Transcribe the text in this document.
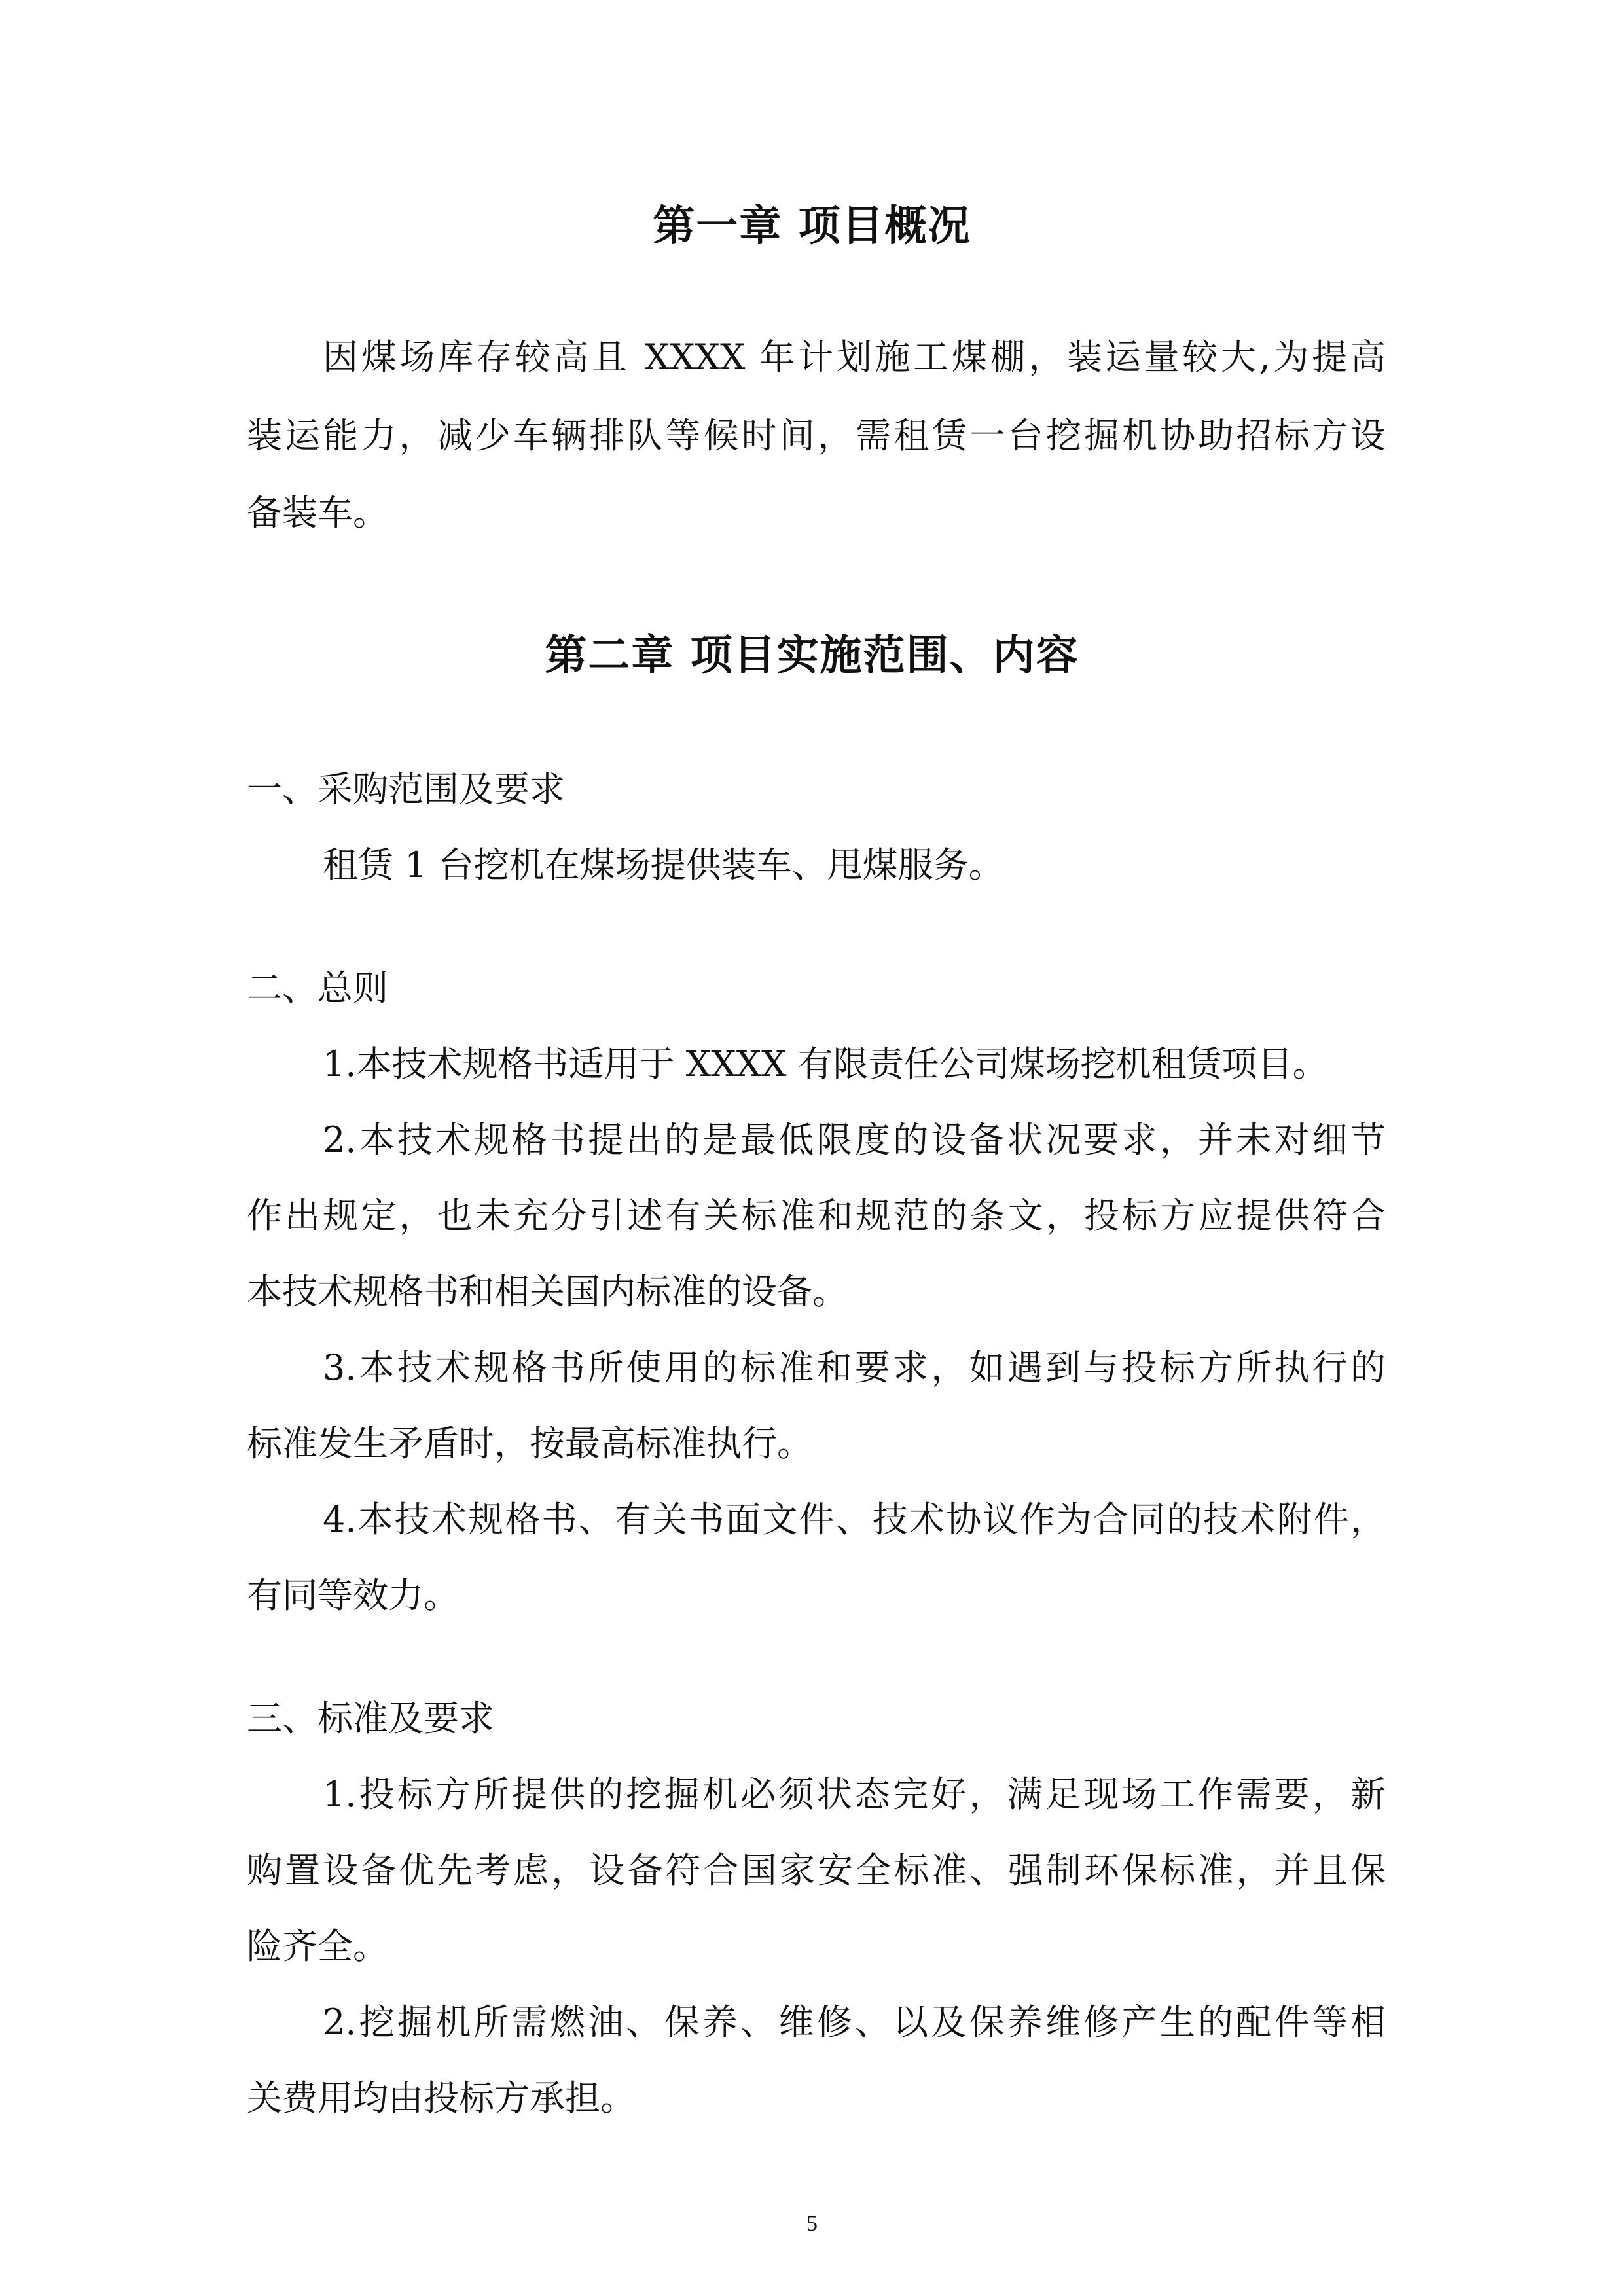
第一章 项目概况
因煤场库存较高且 XXXX 年计划施工煤棚，装运量较大,为提高
装运能力，减少车辆排队等候时间，需租赁一台挖掘机协助招标方设
备装车。
第二章 项目实施范围、内容
一、采购范围及要求
租赁 1 台挖机在煤场提供装车、甩煤服务。
二、总则
1.本技术规格书适用于 XXXX 有限责任公司煤场挖机租赁项目。
2.本技术规格书提出的是最低限度的设备状况要求，并未对细节
作出规定，也未充分引述有关标准和规范的条文，投标方应提供符合
本技术规格书和相关国内标准的设备。
3.本技术规格书所使用的标准和要求，如遇到与投标方所执行的
标准发生矛盾时，按最高标准执行。
4.本技术规格书、有关书面文件、技术协议作为合同的技术附件，
有同等效力。
三、标准及要求
1.投标方所提供的挖掘机必须状态完好，满足现场工作需要，新
购置设备优先考虑，设备符合国家安全标准、强制环保标准，并且保
险齐全。
2.挖掘机所需燃油、保养、维修、以及保养维修产生的配件等相
关费用均由投标方承担。
5
